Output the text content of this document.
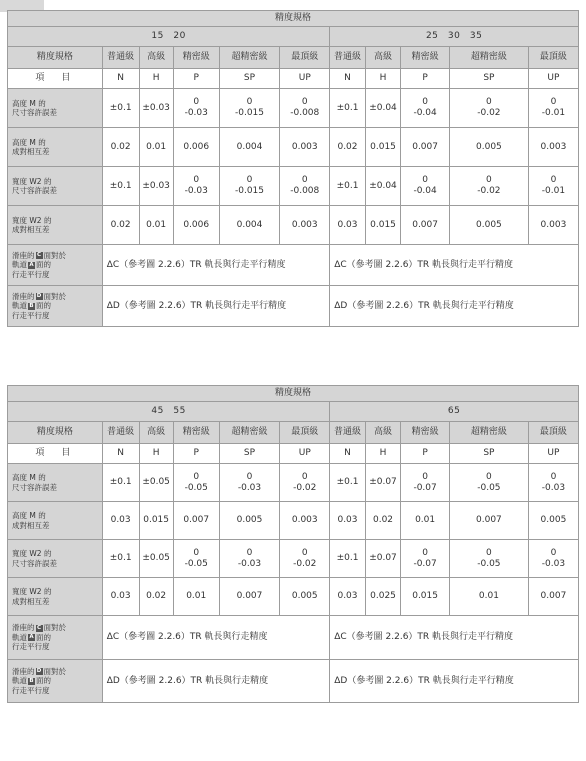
精度規格										
15　20						25　30　35				
精度規格	普通級	高級	精密級	超精密級	最頂級	普通級	高級	精密級	超精密級	最頂級
項　目	N	H	P	SP	UP	N	H	P	SP	UP

高度 M 的
尺寸容許誤差	±0.1	±0.03	0
-0.03	0
-0.015	0
-0.008	±0.1	±0.04	0
-0.04	0
-0.02	0
-0.01

高度 M 的
成對相互差	0.02	0.01	0.006	0.004	0.003	0.02	0.015	0.007	0.005	0.003

寬度 W2 的
尺寸容許誤差	±0.1	±0.03	0
-0.03	0
-0.015	0
-0.008	±0.1	±0.04	0
-0.04	0
-0.02	0
-0.01

寬度 W2 的
成對相互差	0.02	0.01	0.006	0.004	0.003	0.03	0.015	0.007	0.005	0.003

滑座的 C 面對於
軌道 A 面的
行走平行度	ΔC（參考圖 2.2.6）TR 軌長與行走平行精度					ΔC（參考圖 2.2.6）TR 軌長與行走平行精度				

滑座的 D 面對於
軌道 B 面的
行走平行度	ΔD（參考圖 2.2.6）TR 軌長與行走平行精度					ΔD（參考圖 2.2.6）TR 軌長與行走平行精度				
精度規格										
45　55						65				
精度規格	普通級	高級	精密級	超精密級	最頂級	普通級	高級	精密級	超精密級	最頂級
項　目	N	H	P	SP	UP	N	H	P	SP	UP

高度 M 的
尺寸容許誤差	±0.1	±0.05	0
-0.05	0
-0.03	0
-0.02	±0.1	±0.07	0
-0.07	0
-0.05	0
-0.03

高度 M 的
成對相互差	0.03	0.015	0.007	0.005	0.003	0.03	0.02	0.01	0.007	0.005

寬度 W2 的
尺寸容許誤差	±0.1	±0.05	0
-0.05	0
-0.03	0
-0.02	±0.1	±0.07	0
-0.07	0
-0.05	0
-0.03

寬度 W2 的
成對相互差	0.03	0.02	0.01	0.007	0.005	0.03	0.025	0.015	0.01	0.007

滑座的 C 面對於
軌道 A 面的
行走平行度	ΔC（參考圖 2.2.6）TR 軌長與行走精度					ΔC（參考圖 2.2.6）TR 軌長與行走平行精度				

滑座的 D 面對於
軌道 B 面的
行走平行度	ΔD（參考圖 2.2.6）TR 軌長與行走精度					ΔD（參考圖 2.2.6）TR 軌長與行走平行精度				
